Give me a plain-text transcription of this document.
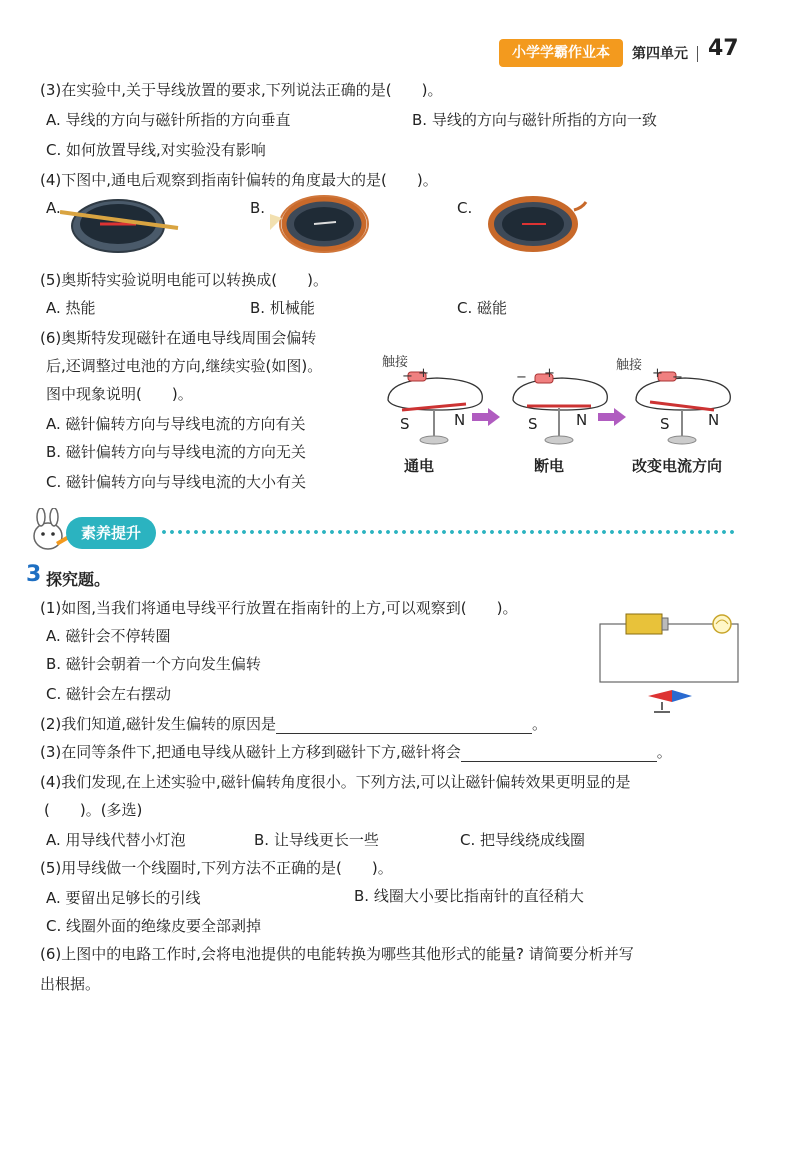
小学学霸作业本	第四单元 47
(3)在实验中,关于导线放置的要求,下列说法正确的是(　　)。
A. 导线的方向与磁针所指的方向垂直	B. 导线的方向与磁针所指的方向一致
C. 如何放置导线,对实验没有影响
(4)下图中,通电后观察到指南针偏转的角度最大的是(　　)。
A.	B.	C.
(5)奥斯特实验说明电能可以转换成(　　)。
A. 热能	B. 机械能	C. 磁能
(6)奥斯特发现磁针在通电导线周围会偏转
后,还调整过电池的方向,继续实验(如图)。
图中现象说明(　　)。
A. 磁针偏转方向与导线电流的方向有关
B. 磁针偏转方向与导线电流的方向无关
C. 磁针偏转方向与导线电流的大小有关
触接	触接
− +	− +	+ −
S	N	S	N	S	N
通电	断电	改变电流方向
素养提升
3 探究题。
(1)如图,当我们将通电导线平行放置在指南针的上方,可以观察到(　　)。
A. 磁针会不停转圈
B. 磁针会朝着一个方向发生偏转
C. 磁针会左右摆动
(2)我们知道,磁针发生偏转的原因是	。
(3)在同等条件下,把通电导线从磁针上方移到磁针下方,磁针将会	。
(4)我们发现,在上述实验中,磁针偏转角度很小。下列方法,可以让磁针偏转效果更明显的是
(　　)。(多选)
A. 用导线代替小灯泡	B. 让导线更长一些	C. 把导线绕成线圈
(5)用导线做一个线圈时,下列方法不正确的是(　　)。
A. 要留出足够长的引线	B. 线圈大小要比指南针的直径稍大
C. 线圈外面的绝缘皮要全部剥掉
(6)上图中的电路工作时,会将电池提供的电能转换为哪些其他形式的能量? 请简要分析并写
出根据。
